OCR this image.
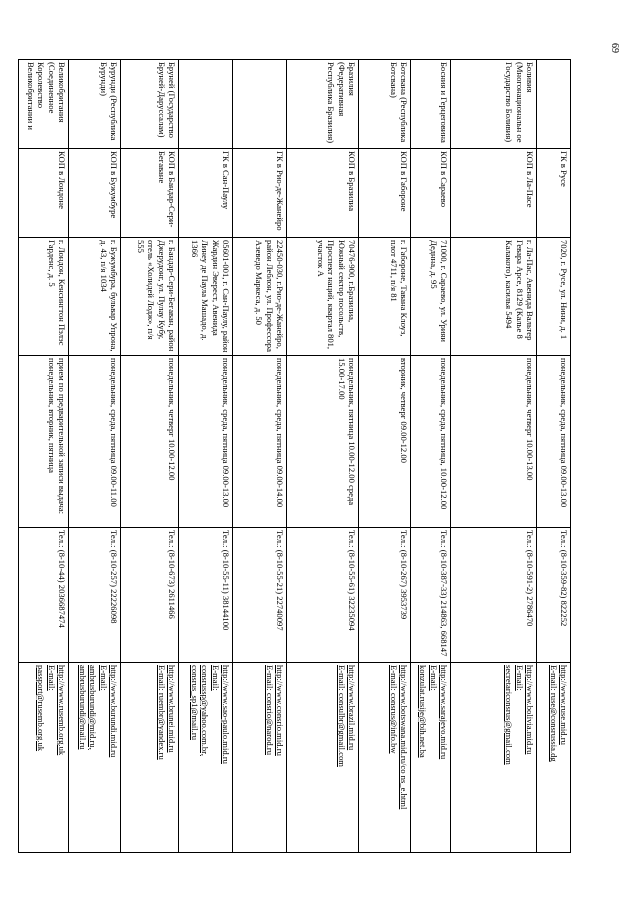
69
	ГК в Русе	7020, г. Русе, ул. Нини, д. 1	понедельник, среда, пятница 09.00-13.00	Тел.: (8-10-359-82) 822252	http://www.ruse.mid.ru
E-mail: ruse@consrussia.dg

Боливия (Многонациональн ое Государство Боливия)	КОП в Ла-Пасе	г. Ла-Пас, Авенида Вальтер Гевара Арсе, 8129 (Калье 8 Калакото), касилья 5494	понедельник, четверг 10.00-13.00	Тел.: (8-10-591-2) 2786470	http://www.bolivia.mid.ru
E-mail:
secretariconsrus@gmail.com

Босния и Герцеговина	КОП в Сараево	71000, г. Сараево, ул. Урияи Деднна, д. 95	понедельник, среда, пятница, 10.00-12.00	Тел.: (8-10-387-33) 214863, 668147	http://www.sarajevo.mid.ru
E-mail:
konzulat.rusije@bih.net.ba

Ботсвана (Республика Ботсвана)	КОП в Габороне	г. Габороне, Тавана Клоуз, плот 4711, п/я 81	вторник, четверг 09.00-12.00	Тел.: (8-10-267) 3953739	http://www.botswana.mid.ru/co ns_e.html
E-mail: consrus@info.bw

Бразилия (Федеративная Республика Бразилия)	КОП в Бразилиа	70476-900, г.Бразилиа, Южный сектор посольств, Проспект наций, квартал 801, участок А	понедельник, пятница 10.00-12.00 среда 15.00-17.00	Тел.: (8-10-55-61) 32235094	http://www.brazil.mid.ru
E-mail: consulbr@gmail.com

	ГК в Рио-де-Жанейро	22450-030, г.Рио-де-Жанейро, район Леблон, ул. Профессора Азеведо Маркеса, д. 50	понедельник, среда, пятница 09.00-14.00	Тел.: (8-10-55-21) 22740097	http://www.consrio.mid.ru
E-mail: consrio@narod.ru

	ГК в Сан-Паулу	05601-001, г. Сан-Паулу, район Жардин Эверест, Авенида Линеу де Паула Машадо, д. 1366	понедельник, среда, пятница 09.00-13.00	Тел.: (8-10-55-11) 38144100	http://www.sao-paulo.mid.ru
E-mail:
consrussp@yahoo.com.br,
consrus_sp1@mail.ru

Бруней (Государство Бруней-Даруссалам)	КОП в Бандар-Сери-Бегаване	г. Бандар-Сери-Бегаван, район Джерудонг, ул. Пулау Кубу, отель «Холидей Лодж», п/я 555	понедельник, четверг 10.00-12.00	Тел.: (8-10-673) 2611466	http://www.brunei.mid.ru
E-mail: ruembr@yandex.ru

Бурунди (Республика Бурунди)	КОП в Бужумбуре	г. Бужумбура, бульвар Упрона, д. 43, п/я 1034	понедельник, среда, пятница 09.00-11.00	Тел.: (8-10-257) 22226098	http://www.burundi.mid.ru
E-mail:
ambrusburundi@mid.ru,
ambrusburundi@mail.ru

Великобритания (Соединенное Королевство Великобритании и	КОП в Лондоне	г. Лондон, Кенсингтон Пэлэс Гарденс, д. 5	прием по предварительной записи выдача: понедельник, вторник, пятница	Тел.: (8-10-44) 2036687474	http://www.rusemb.org.uk
E-mail:
passport@rusemb.org.uk
